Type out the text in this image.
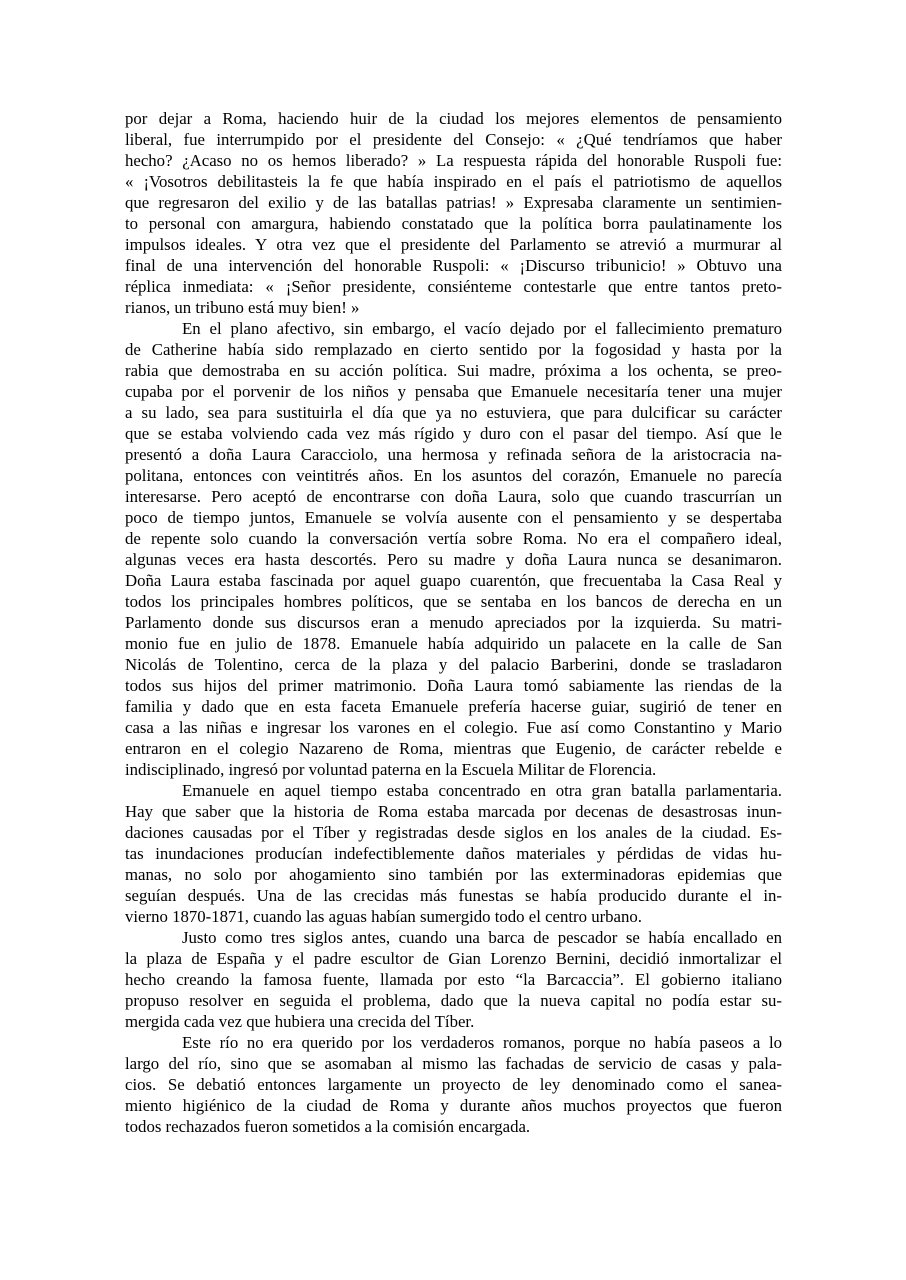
por dejar a Roma, haciendo huir de la ciudad los mejores elementos de pensamiento
liberal, fue interrumpido por el presidente del Consejo: « ¿Qué tendríamos que haber
hecho? ¿Acaso no os hemos liberado? » La respuesta rápida del honorable Ruspoli fue:
« ¡Vosotros debilitasteis la fe que había inspirado en el país el patriotismo de aquellos
que regresaron del exilio y de las batallas patrias! » Expresaba claramente un sentimien-
to personal con amargura, habiendo constatado que la política borra paulatinamente los
impulsos ideales. Y otra vez que el presidente del Parlamento se atrevió a murmurar al
final de una intervención del honorable Ruspoli: « ¡Discurso tribunicio! » Obtuvo una
réplica inmediata: « ¡Señor presidente, consiénteme contestarle que entre tantos preto-
rianos, un tribuno está muy bien! »
En el plano afectivo, sin embargo, el vacío dejado por el fallecimiento prematuro
de Catherine había sido remplazado en cierto sentido por la fogosidad y hasta por la
rabia que demostraba en su acción política. Sui madre, próxima a los ochenta, se preo-
cupaba por el porvenir de los niños y pensaba que Emanuele necesitaría tener una mujer
a su lado, sea para sustituirla el día que ya no estuviera, que para dulcificar su carácter
que se estaba volviendo cada vez más rígido y duro con el pasar del tiempo. Así que le
presentó a doña Laura Caracciolo, una hermosa y refinada señora de la aristocracia na-
politana, entonces con veintitrés años. En los asuntos del corazón, Emanuele no parecía
interesarse. Pero aceptó de encontrarse con doña Laura, solo que cuando trascurrían un
poco de tiempo juntos, Emanuele se volvía ausente con el pensamiento y se despertaba
de repente solo cuando la conversación vertía sobre Roma. No era el compañero ideal,
algunas veces era hasta descortés. Pero su madre y doña Laura nunca se desanimaron.
Doña Laura estaba fascinada por aquel guapo cuarentón, que frecuentaba la Casa Real y
todos los principales hombres políticos, que se sentaba en los bancos de derecha en un
Parlamento donde sus discursos eran a menudo apreciados por la izquierda. Su matri-
monio fue en julio de 1878. Emanuele había adquirido un palacete en la calle de San
Nicolás de Tolentino, cerca de la plaza y del palacio Barberini, donde se trasladaron
todos sus hijos del primer matrimonio. Doña Laura tomó sabiamente las riendas de la
familia y dado que en esta faceta Emanuele prefería hacerse guiar, sugirió de tener en
casa a las niñas e ingresar los varones en el colegio. Fue así como Constantino y Mario
entraron en el colegio Nazareno de Roma, mientras que Eugenio, de carácter rebelde e
indisciplinado, ingresó por voluntad paterna en la Escuela Militar de Florencia.
Emanuele en aquel tiempo estaba concentrado en otra gran batalla parlamentaria.
Hay que saber que la historia de Roma estaba marcada por decenas de desastrosas inun-
daciones causadas por el Tíber y registradas desde siglos en los anales de la ciudad. Es-
tas inundaciones producían indefectiblemente daños materiales y pérdidas de vidas hu-
manas, no solo por ahogamiento sino también por las exterminadoras epidemias que
seguían después. Una de las crecidas más funestas se había producido durante el in-
vierno 1870-1871, cuando las aguas habían sumergido todo el centro urbano.
Justo como tres siglos antes, cuando una barca de pescador se había encallado en
la plaza de España y el padre escultor de Gian Lorenzo Bernini, decidió inmortalizar el
hecho creando la famosa fuente, llamada por esto “la Barcaccia”. El gobierno italiano
propuso resolver en seguida el problema, dado que la nueva capital no podía estar su-
mergida cada vez que hubiera una crecida del Tíber.
Este río no era querido por los verdaderos romanos, porque no había paseos a lo
largo del río, sino que se asomaban al mismo las fachadas de servicio de casas y pala-
cios. Se debatió entonces largamente un proyecto de ley denominado como el sanea-
miento higiénico de la ciudad de Roma y durante años muchos proyectos que fueron
todos rechazados fueron sometidos a la comisión encargada.
